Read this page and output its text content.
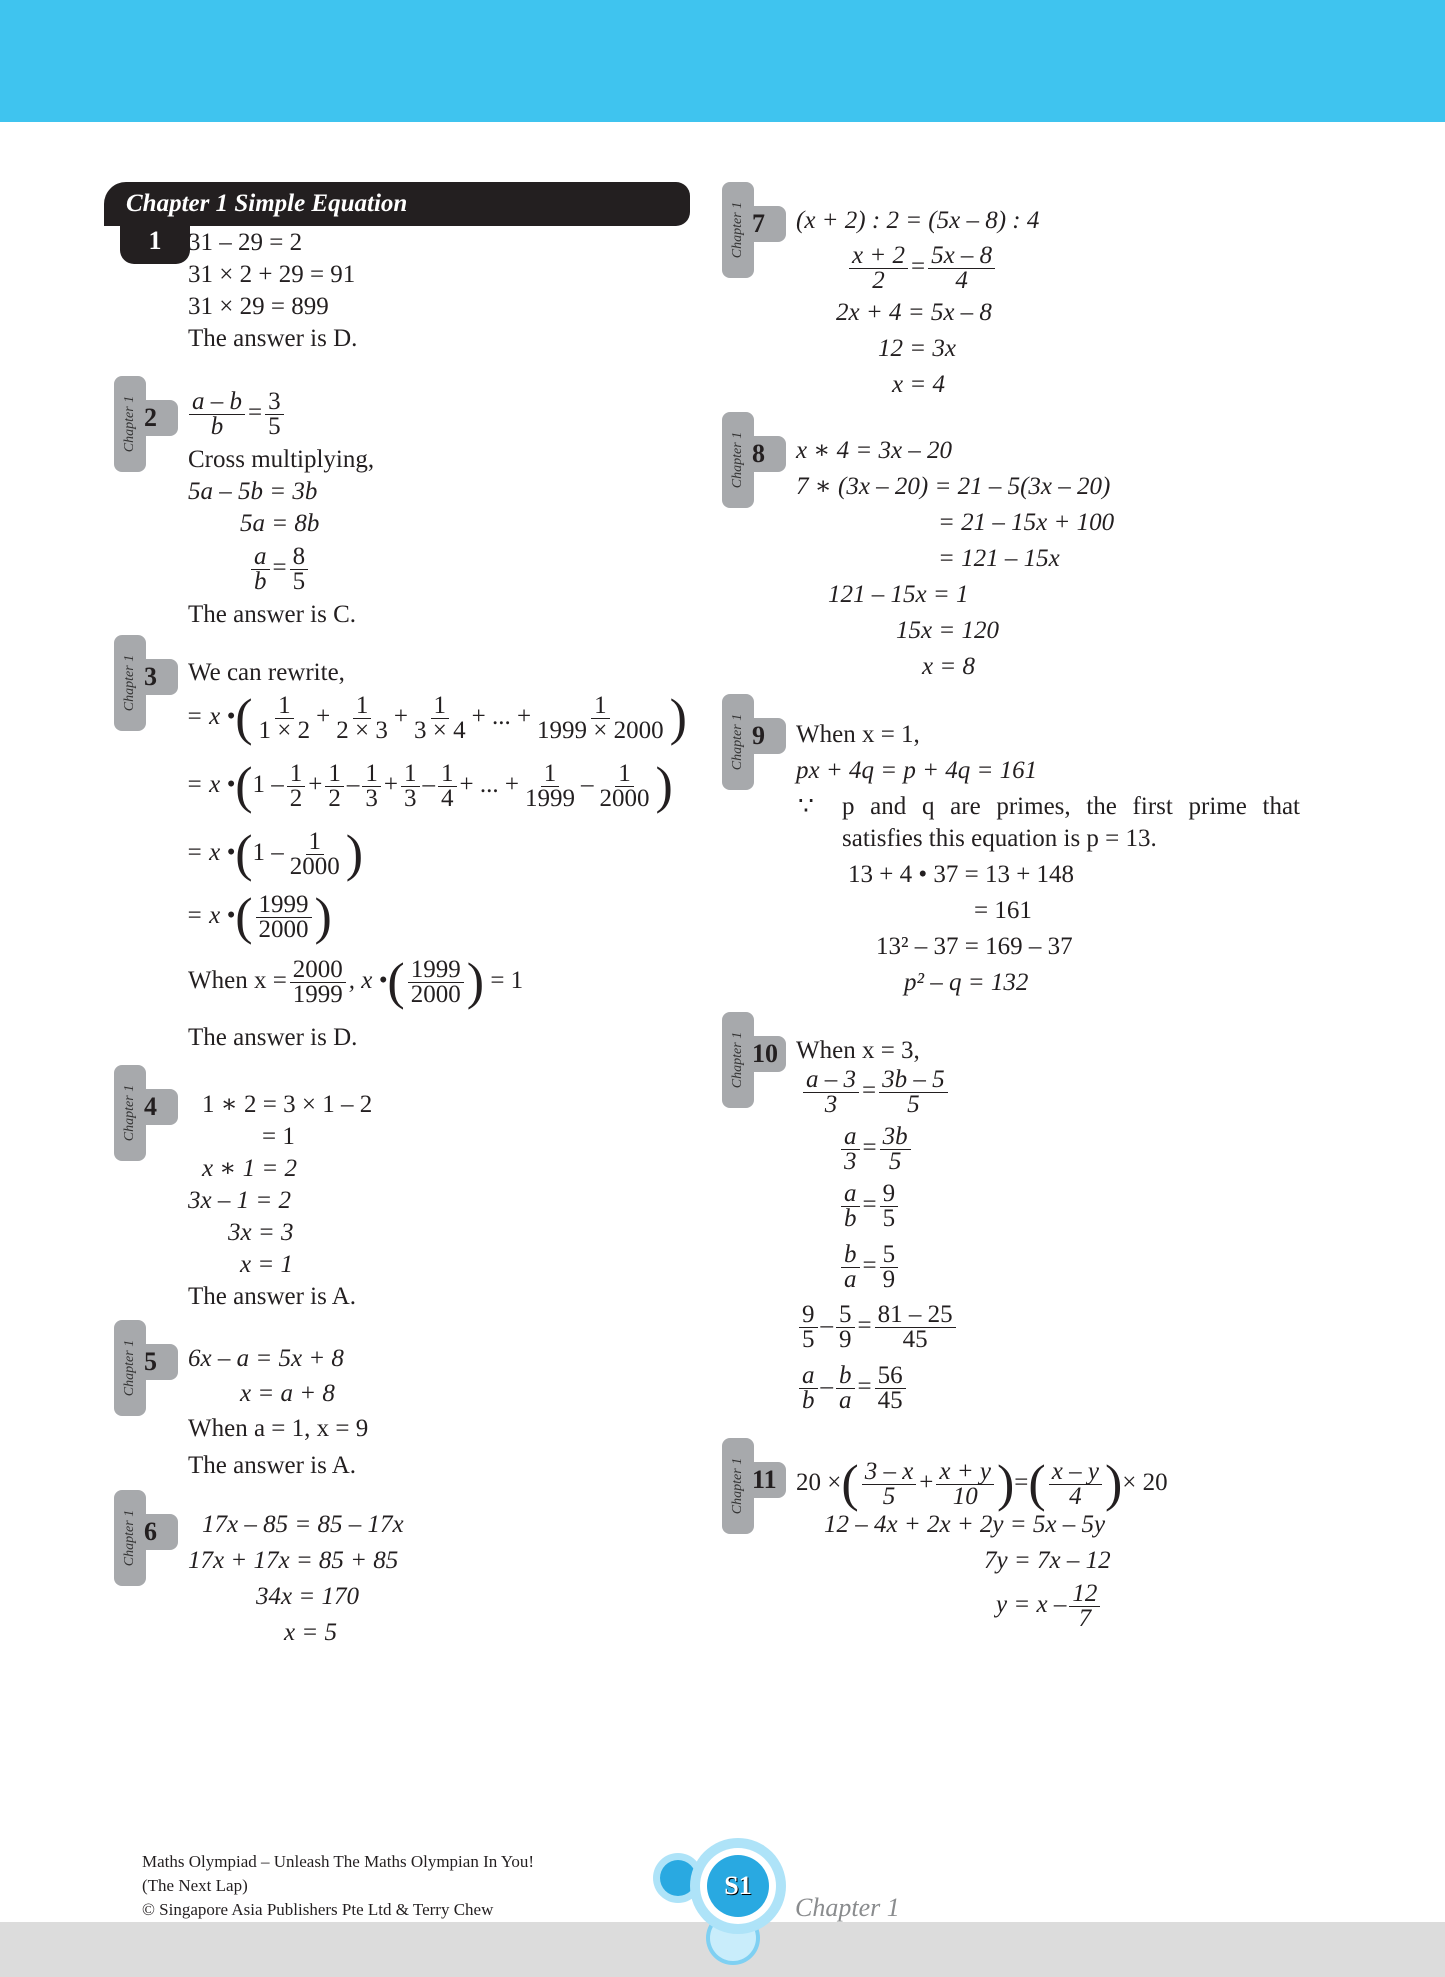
Chapter 1 Simple Equation
1	31 – 29 = 2
31 × 2 + 29 = 91
31 × 29 = 899
The answer is D.
Chapter 1 2	$\frac{a - b}{b} = \frac{3}{5}$
Cross multiplying,
5a – 5b = 3b
5a = 8b
$\frac{a}{b} = \frac{8}{5}$
The answer is C.
Chapter 1 3	We can rewrite,
= x •( $\frac{1}{1 \times 2} + \frac{1}{2 \times 3} + \frac{1}{3 \times 4}$ + ... + $\frac{1}{1999 \times 2000}$ )
= x •(1 – $\frac{1}{2} + \frac{1}{2} - \frac{1}{3} + \frac{1}{3} - \frac{1}{4}$ + ... + $\frac{1}{1999} - \frac{1}{2000}$ )
= x •(1 – $\frac{1}{2000}$ )
= x •( $\frac{1999}{2000}$ )
When $x = \frac{2000}{1999}$ , x •( $\frac{1999}{2000}$ ) = 1
The answer is D.
Chapter 1 4	1 ∗ 2 = 3 × 1 – 2
= 1
x ∗ 1 = 2
3x – 1 = 2
3x = 3
x = 1
The answer is A.
Chapter 1 5	6x – a = 5x + 8
x = a + 8
When a = 1, x = 9
The answer is A.
Chapter 1 6	17x – 85 = 85 – 17x
17x + 17x = 85 + 85
34x = 170
x = 5
Chapter 1 7	(x + 2) : 2 = (5x – 8) : 4
$\frac{x + 2}{2} = \frac{5x - 8}{4}$
2x + 4 = 5x – 8
12 = 3x
x = 4
Chapter 1 8	x ∗ 4 = 3x – 20
7 ∗ (3x – 20) = 21 – 5(3x – 20)
= 21 – 15x + 100
= 121 – 15x
121 – 15x = 1
15x = 120
x = 8
Chapter 1 9	When x = 1,
px + 4q = p + 4q = 161
∵ p and q are primes, the first prime that
satisfies this equation is p = 13.
13 + 4 • 37 = 13 + 148
= 161
13² – 37 = 169 – 37
p² – q = 132
Chapter 1 10 When x = 3,
$\frac{a - 3}{3} = \frac{3b - 5}{5}$
$\frac{a}{3} = \frac{3b}{5}$
$\frac{a}{b} = \frac{9}{5}$
$\frac{b}{a} = \frac{5}{9}$
$\frac{9}{5} - \frac{5}{9} = \frac{81 - 25}{45}$
$\frac{a}{b} - \frac{b}{a} = \frac{56}{45}$
Chapter 1 11 20 ×( $\frac{3 - x}{5} + \frac{x + y}{10}$ )=( $\frac{x - y}{4}$ )× 20
12 – 4x + 2x + 2y = 5x – 5y
7y = 7x – 12
$y = x - \frac{12}{7}$
Maths Olympiad – Unleash The Maths Olympian In You!
(The Next Lap)
© Singapore Asia Publishers Pte Ltd & Terry Chew
S1
Chapter 1
